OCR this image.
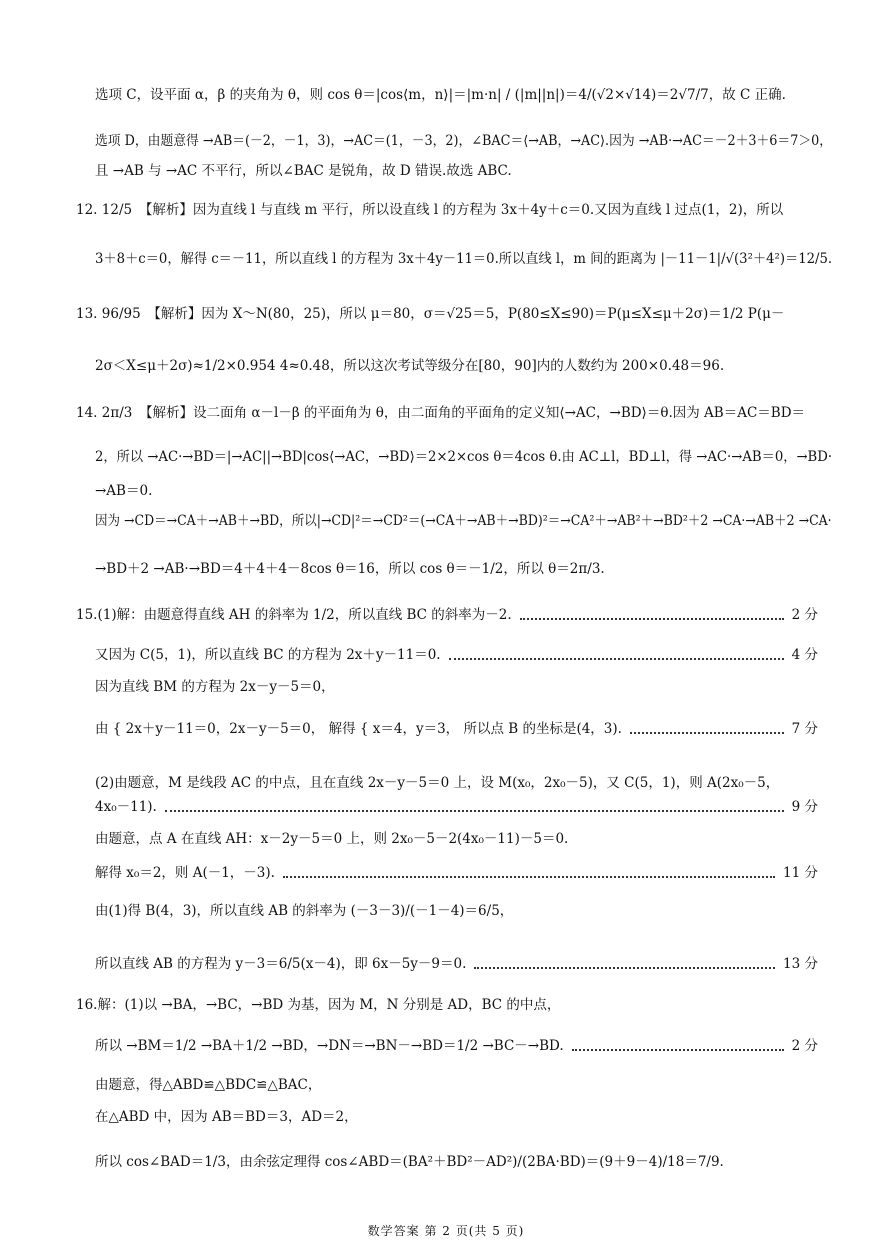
选项 C，设平面 α，β 的夹角为 θ，则 cos θ＝|cos⟨m，n⟩|＝|m·n| / (|m||n|)＝4/(√2×√14)＝2√7/7，故 C 正确.
选项 D，由题意得 →AB＝(－2，－1，3)，→AC＝(1，－3，2)，∠BAC＝⟨→AB，→AC⟩.因为 →AB·→AC＝－2＋3＋6＝7＞0，
且 →AB 与 →AC 不平行，所以∠BAC 是锐角，故 D 错误.故选 ABC.
12. 12/5　【解析】因为直线 l 与直线 m 平行，所以设直线 l 的方程为 3x＋4y＋c＝0.又因为直线 l 过点(1，2)，所以
3＋8＋c＝0，解得 c＝－11，所以直线 l 的方程为 3x＋4y－11＝0.所以直线 l，m 间的距离为 |－11－1|/√(3²＋4²)＝12/5.
13. 96/95　【解析】因为 X～N(80，25)，所以 μ＝80，σ＝√25＝5，P(80≤X≤90)＝P(μ≤X≤μ＋2σ)＝1/2 P(μ－
2σ＜X≤μ＋2σ)≈1/2×0.954 4≈0.48，所以这次考试等级分在[80，90]内的人数约为 200×0.48＝96.
14. 2π/3　【解析】设二面角 α－l－β 的平面角为 θ，由二面角的平面角的定义知⟨→AC，→BD⟩＝θ.因为 AB＝AC＝BD＝
2，所以 →AC·→BD＝|→AC||→BD|cos⟨→AC，→BD⟩＝2×2×cos θ＝4cos θ.由 AC⊥l，BD⊥l，得 →AC·→AB＝0，→BD·
→AB＝0.
因为 →CD＝→CA＋→AB＋→BD，所以|→CD|²＝→CD²＝(→CA＋→AB＋→BD)²＝→CA²＋→AB²＋→BD²＋2 →CA·→AB＋2 →CA·
→BD＋2 →AB·→BD＝4＋4＋4－8cos θ＝16，所以 cos θ＝－1/2，所以 θ＝2π/3.
15.(1)解：由题意得直线 AH 的斜率为 1/2，所以直线 BC 的斜率为－2.	2 分
又因为 C(5，1)，所以直线 BC 的方程为 2x＋y－11＝0.	4 分
因为直线 BM 的方程为 2x－y－5＝0，
由 { 2x＋y－11＝0，2x－y－5＝0， 解得 { x＝4，y＝3， 所以点 B 的坐标是(4，3).	7 分
(2)由题意，M 是线段 AC 的中点，且在直线 2x－y－5＝0 上，设 M(x₀，2x₀－5)，又 C(5，1)，则 A(2x₀－5，
4x₀－11).	9 分
由题意，点 A 在直线 AH：x－2y－5＝0 上，则 2x₀－5－2(4x₀－11)－5＝0.
解得 x₀＝2，则 A(－1，－3).	11 分
由(1)得 B(4，3)，所以直线 AB 的斜率为 (－3－3)/(－1－4)＝6/5，
所以直线 AB 的方程为 y－3＝6/5(x－4)，即 6x－5y－9＝0.	13 分
16.解：(1)以 →BA，→BC，→BD 为基，因为 M，N 分别是 AD，BC 的中点，
所以 →BM＝1/2 →BA＋1/2 →BD，→DN＝→BN－→BD＝1/2 →BC－→BD.	2 分
由题意，得△ABD≌△BDC≌△BAC，
在△ABD 中，因为 AB＝BD＝3，AD＝2，
所以 cos∠BAD＝1/3，由余弦定理得 cos∠ABD＝(BA²＋BD²－AD²)/(2BA·BD)＝(9＋9－4)/18＝7/9.
数学答案 第 2 页(共 5 页)
